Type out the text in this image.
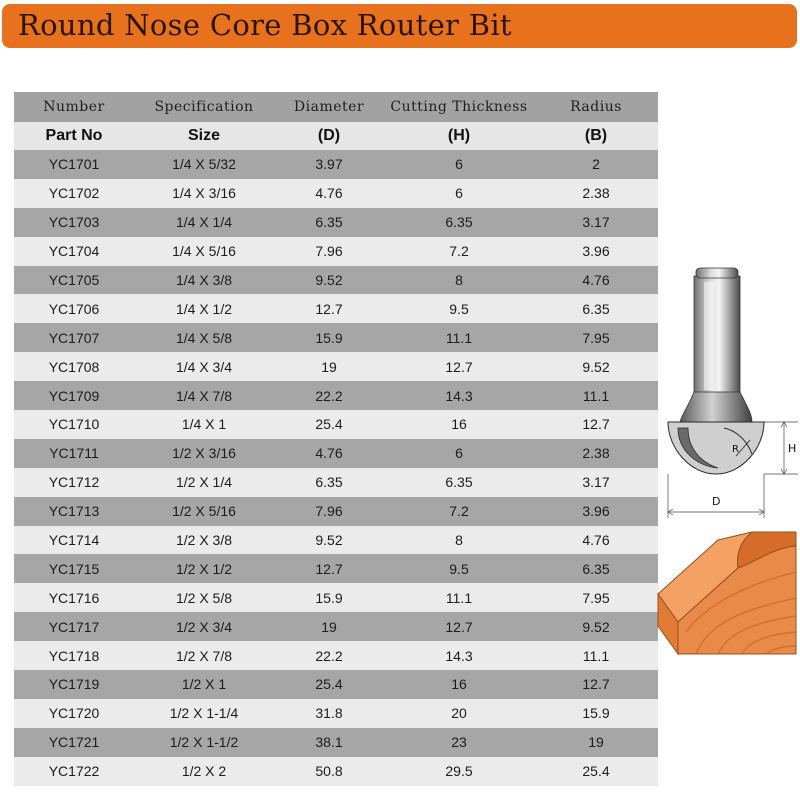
Round Nose Core Box Router Bit
Number	Specification	Diameter	Cutting Thickness	Radius
Part No	Size	(D)	(H)	(B)
YC1701	1/4 X 5/32	3.97	6	2
YC1702	1/4 X 3/16	4.76	6	2.38
YC1703	1/4 X 1/4	6.35	6.35	3.17
YC1704	1/4 X 5/16	7.96	7.2	3.96
YC1705	1/4 X 3/8	9.52	8	4.76
YC1706	1/4 X 1/2	12.7	9.5	6.35
YC1707	1/4 X 5/8	15.9	11.1	7.95
YC1708	1/4 X 3/4	19	12.7	9.52
YC1709	1/4 X 7/8	22.2	14.3	11.1
YC1710	1/4 X 1	25.4	16	12.7
YC1711	1/2 X 3/16	4.76	6	2.38
YC1712	1/2 X 1/4	6.35	6.35	3.17
YC1713	1/2 X 5/16	7.96	7.2	3.96
YC1714	1/2 X 3/8	9.52	8	4.76
YC1715	1/2 X 1/2	12.7	9.5	6.35
YC1716	1/2 X 5/8	15.9	11.1	7.95
YC1717	1/2 X 3/4	19	12.7	9.52
YC1718	1/2 X 7/8	22.2	14.3	11.1
YC1719	1/2 X 1	25.4	16	12.7
YC1720	1/2 X 1-1/4	31.8	20	15.9
YC1721	1/2 X 1-1/2	38.1	23	19
YC1722	1/2 X 2	50.8	29.5	25.4
R	H
D
